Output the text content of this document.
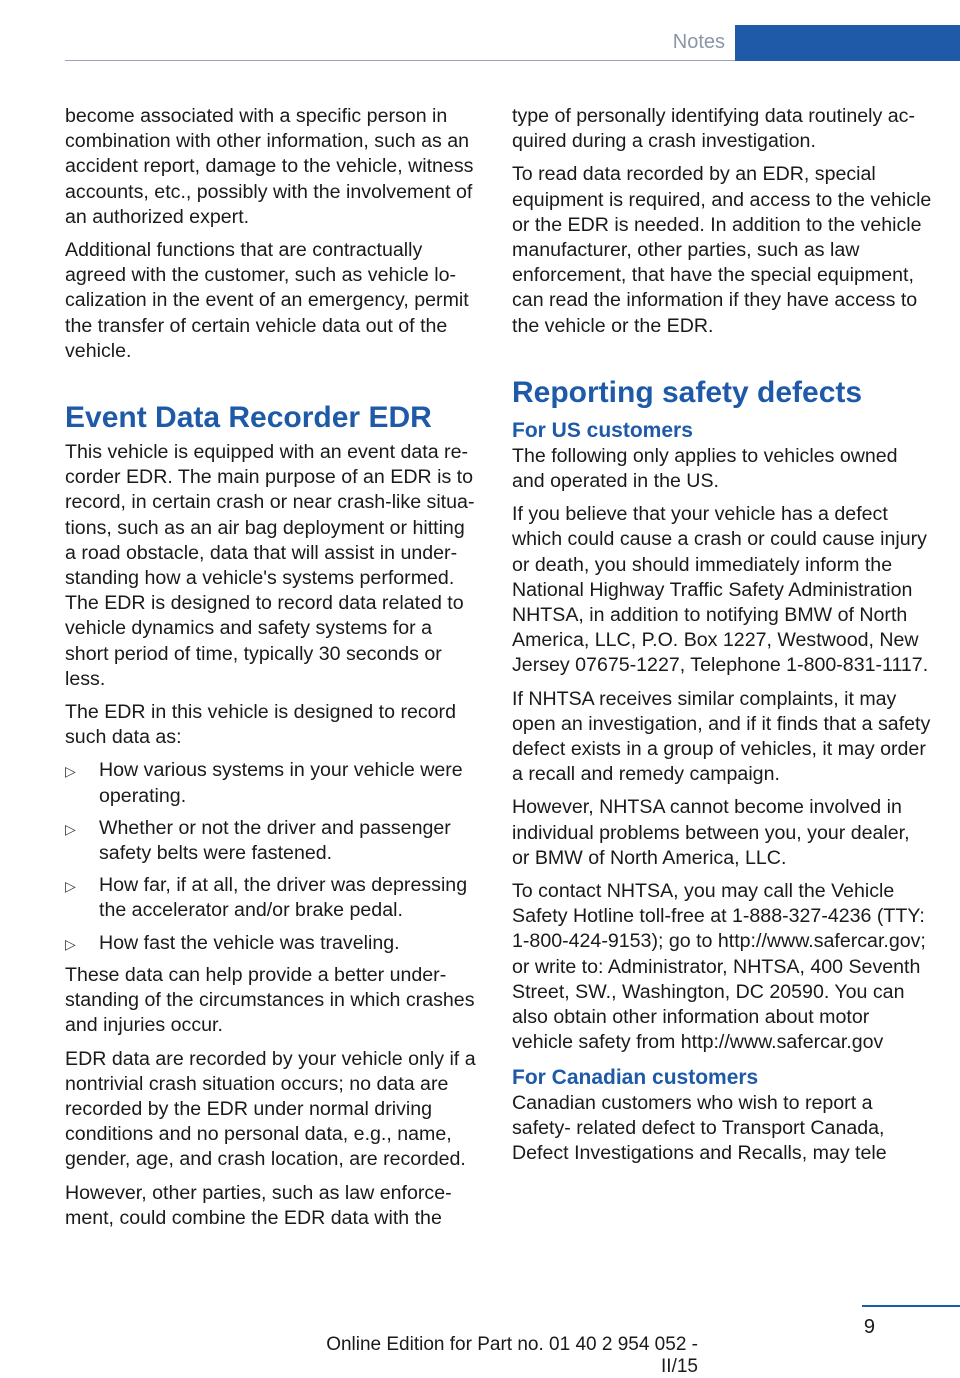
Notes

become associated with a specific person in combination with other information, such as an accident report, damage to the vehicle, witness accounts, etc., possibly with the involvement of an authorized expert.

Additional functions that are contractually agreed with the customer, such as vehicle localization in the event of an emergency, permit the transfer of certain vehicle data out of the vehicle.

Event Data Recorder EDR

This vehicle is equipped with an event data recorder EDR. The main purpose of an EDR is to record, in certain crash or near crash-like situations, such as an air bag deployment or hitting a road obstacle, data that will assist in understanding how a vehicle's systems performed. The EDR is designed to record data related to vehicle dynamics and safety systems for a short period of time, typically 30 seconds or less.

The EDR in this vehicle is designed to record such data as:

▷ How various systems in your vehicle were operating.
▷ Whether or not the driver and passenger safety belts were fastened.
▷ How far, if at all, the driver was depressing the accelerator and/or brake pedal.
▷ How fast the vehicle was traveling.

These data can help provide a better understanding of the circumstances in which crashes and injuries occur.

EDR data are recorded by your vehicle only if a nontrivial crash situation occurs; no data are recorded by the EDR under normal driving conditions and no personal data, e.g., name, gender, age, and crash location, are recorded.

However, other parties, such as law enforcement, could combine the EDR data with the

type of personally identifying data routinely acquired during a crash investigation.

To read data recorded by an EDR, special equipment is required, and access to the vehicle or the EDR is needed. In addition to the vehicle manufacturer, other parties, such as law enforcement, that have the special equipment, can read the information if they have access to the vehicle or the EDR.

Reporting safety defects
For US customers

The following only applies to vehicles owned and operated in the US.

If you believe that your vehicle has a defect which could cause a crash or could cause injury or death, you should immediately inform the National Highway Traffic Safety Administration NHTSA, in addition to notifying BMW of North America, LLC, P.O. Box 1227, Westwood, New Jersey 07675-1227, Telephone 1-800-831-1117.

If NHTSA receives similar complaints, it may open an investigation, and if it finds that a safety defect exists in a group of vehicles, it may order a recall and remedy campaign.

However, NHTSA cannot become involved in individual problems between you, your dealer, or BMW of North America, LLC.

To contact NHTSA, you may call the Vehicle Safety Hotline toll-free at 1-888-327-4236 (TTY: 1-800-424-9153); go to http://www.safercar.gov; or write to: Administrator, NHTSA, 400 Seventh Street, SW., Washington, DC 20590. You can also obtain other information about motor vehicle safety from http://www.safercar.gov

For Canadian customers

Canadian customers who wish to report a safety- related defect to Transport Canada, Defect Investigations and Recalls, may tele

9
Online Edition for Part no. 01 40 2 954 052 - II/15
